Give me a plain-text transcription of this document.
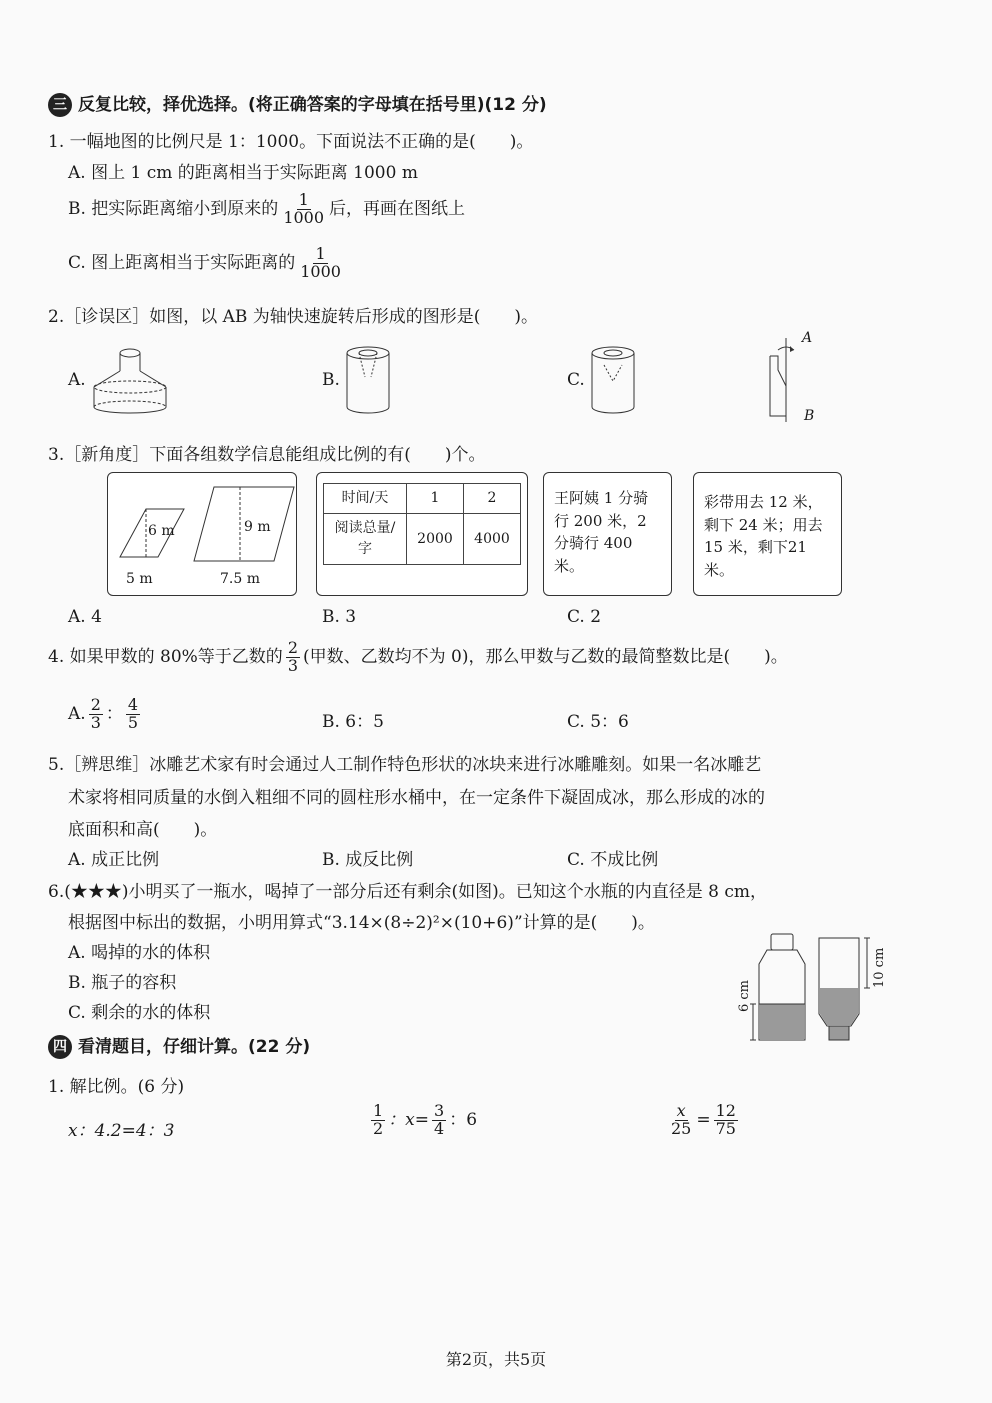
三 反复比较，择优选择。(将正确答案的字母填在括号里)(12 分)
1. 一幅地图的比例尺是 1：1000。下面说法不正确的是(　　)。
A. 图上 1 cm 的距离相当于实际距离 1000 m
B. 把实际距离缩小到原来的 $\frac{1}{1000}$ 后，再画在图纸上
C. 图上距离相当于实际距离的 $\frac{1}{1000}$
2.［诊误区］如图，以 AB 为轴快速旋转后形成的图形是(　　)。
A.	B.	C.
A
B
3.［新角度］下面各组数学信息能组成比例的有(　　)个。
6 m
5 m
9 m
7.5 m
时间/天	1	2
阅读总量/字	2000	4000
王阿姨 1 分骑行 200 米，2 分骑行 400 米。
彩带用去 12 米，剩下 24 米；用去 15 米，剩下21 米。
A. 4	B. 3	C. 2
4. 如果甲数的 80%等于乙数的 $\frac{2}{3}$ (甲数、乙数均不为 0)，那么甲数与乙数的最简整数比是(　　)。
A. $\frac{2}{3}$ ： $\frac{4}{5}$	B. 6：5	C. 5：6
5.［辨思维］冰雕艺术家有时会通过人工制作特色形状的冰块来进行冰雕雕刻。如果一名冰雕艺
术家将相同质量的水倒入粗细不同的圆柱形水桶中，在一定条件下凝固成冰，那么形成的冰的
底面积和高(　　)。
A. 成正比例	B. 成反比例	C. 不成比例
6.(★★★)小明买了一瓶水，喝掉了一部分后还有剩余(如图)。已知这个水瓶的内直径是 8 cm，
根据图中标出的数据，小明用算式“3.14×(8÷2)²×(10+6)”计算的是(　　)。
A. 喝掉的水的体积
B. 瓶子的容积
C. 剩余的水的体积
6 cm
10 cm
四 看清题目，仔细计算。(22 分)
1. 解比例。(6 分)
x：4.2=4：3	$\frac{1}{2}$ ：$x= \frac{3}{4}$ ：6	$\frac{x}{25} = \frac{12}{75}$
第2页，共5页
